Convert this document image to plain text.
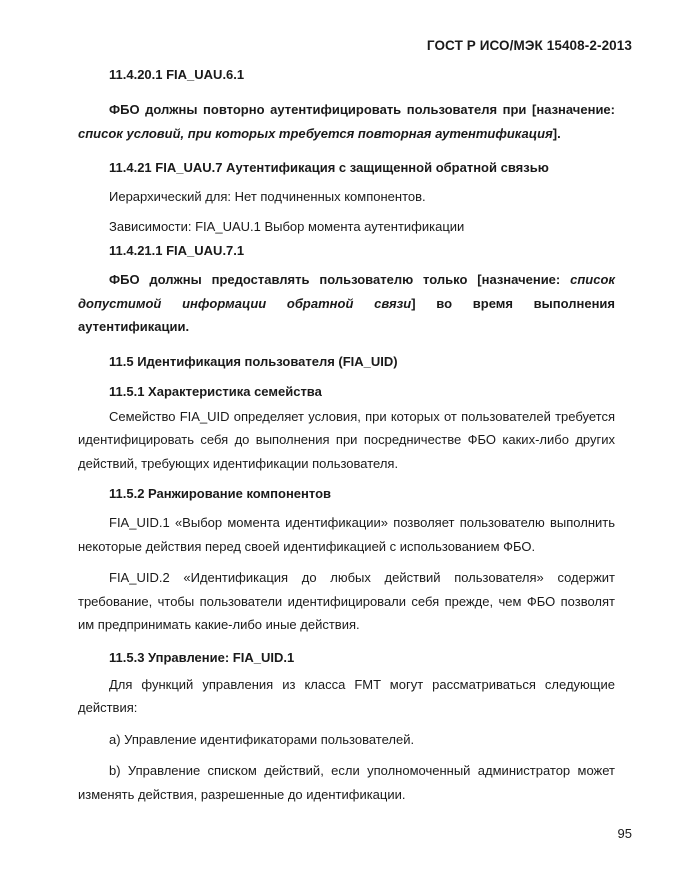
ГОСТ Р ИСО/МЭК 15408-2-2013
11.4.20.1 FIA_UAU.6.1
ФБО должны повторно аутентифицировать пользователя при [назначение: список условий, при которых требуется повторная аутентификация].
11.4.21 FIA_UAU.7 Аутентификация с защищенной обратной связью
Иерархический для: Нет подчиненных компонентов.
Зависимости: FIA_UAU.1 Выбор момента аутентификации
11.4.21.1 FIA_UAU.7.1
ФБО должны предоставлять пользователю только [назначение: список допустимой информации обратной связи] во время выполнения аутентификации.
11.5 Идентификация пользователя (FIA_UID)
11.5.1 Характеристика семейства
Семейство FIA_UID определяет условия, при которых от пользователей требуется идентифицировать себя до выполнения при посредничестве ФБО каких-либо других действий, требующих идентификации пользователя.
11.5.2 Ранжирование компонентов
FIA_UID.1 «Выбор момента идентификации» позволяет пользователю выполнить некоторые действия перед своей идентификацией с использованием ФБО.
FIA_UID.2 «Идентификация до любых действий пользователя» содержит требование, чтобы пользователи идентифицировали себя прежде, чем ФБО позволят им предпринимать какие-либо иные действия.
11.5.3 Управление: FIA_UID.1
Для функций управления из класса FMT могут рассматриваться следующие действия:
a) Управление идентификаторами пользователей.
b) Управление списком действий, если уполномоченный администратор может изменять действия, разрешенные до идентификации.
95
